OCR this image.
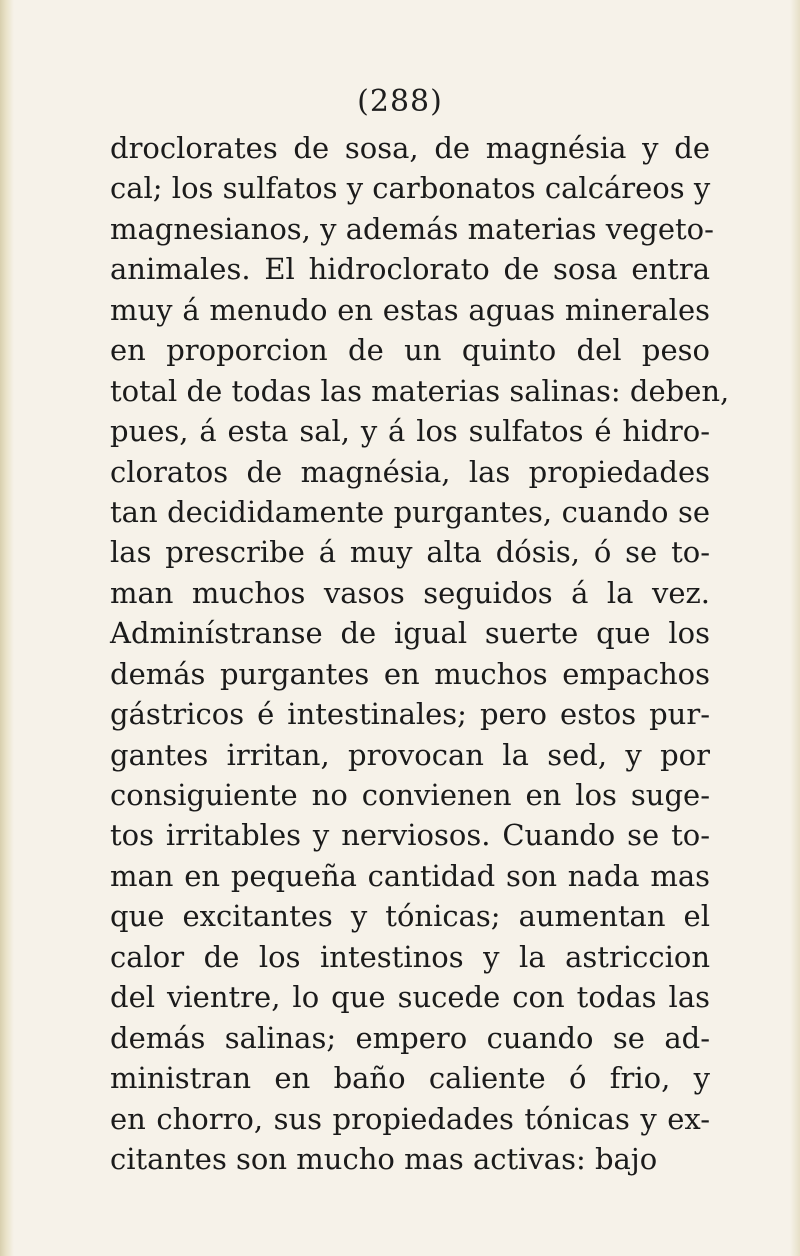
(288)
droclorates de sosa, de magnésia y de
cal; los sulfatos y carbonatos calcáreos y
magnesianos, y además materias vegeto-
animales. El hidroclorato de sosa entra
muy á menudo en estas aguas minerales
en proporcion de un quinto del peso
total de todas las materias salinas: deben,
pues, á esta sal, y á los sulfatos é hidro-
cloratos de magnésia, las propiedades
tan decididamente purgantes, cuando se
las prescribe á muy alta dósis, ó se to-
man muchos vasos seguidos á la vez.
Adminístranse de igual suerte que los
demás purgantes en muchos empachos
gástricos é intestinales; pero estos pur-
gantes irritan, provocan la sed, y por
consiguiente no convienen en los suge-
tos irritables y nerviosos. Cuando se to-
man en pequeña cantidad son nada mas
que excitantes y tónicas; aumentan el
calor de los intestinos y la astriccion
del vientre, lo que sucede con todas las
demás salinas; empero cuando se ad-
ministran en baño caliente ó frio, y
en chorro, sus propiedades tónicas y ex-
citantes son mucho mas activas: bajo
